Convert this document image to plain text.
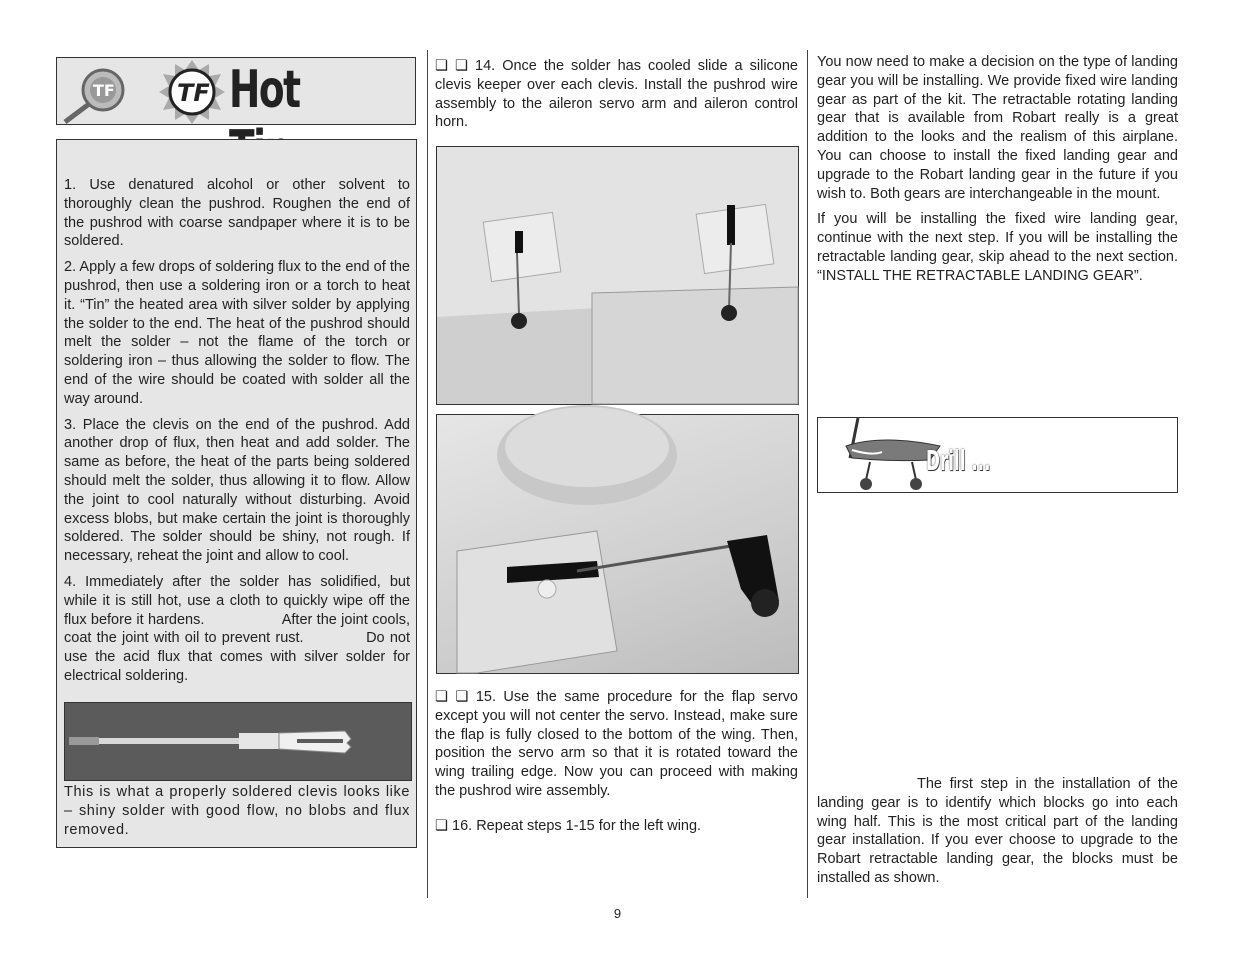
TF	TF Hot

1. Use denatured alcohol or other solvent to thoroughly clean the pushrod. Roughen the end of the pushrod with coarse sandpaper where it is to be soldered.

2. Apply a few drops of soldering flux to the end of the pushrod, then use a soldering iron or a torch to heat it. “Tin” the heated area with silver solder by applying the solder to the end. The heat of the pushrod should melt the solder – not the flame of the torch or soldering iron – thus allowing the solder to flow. The end of the wire should be coated with solder all the way around.

3. Place the clevis on the end of the pushrod. Add another drop of flux, then heat and add solder. The same as before, the heat of the parts being soldered should melt the solder, thus allowing it to flow. Allow the joint to cool naturally without disturbing. Avoid excess blobs, but make certain the joint is thoroughly soldered. The solder should be shiny, not rough. If necessary, reheat the joint and allow to cool.

4. Immediately after the solder has solidified, but while it is still hot, use a cloth to quickly wipe off the flux before it hardens.                  After the joint cools, coat the joint with oil to prevent rust.            Do not use the acid flux that comes with silver solder for electrical soldering.

This is what a properly soldered clevis looks like – shiny solder with good flow, no blobs and flux removed.
❏ ❏ 14. Once the solder has cooled slide a silicone clevis keeper over each clevis. Install the pushrod wire assembly to the aileron servo arm and aileron control horn.
❏ ❏ 15. Use the same procedure for the flap servo except you will not center the servo. Instead, make sure the flap is fully closed to the bottom of the wing. Then, position the servo arm so that it is rotated toward the wing trailing edge. Now you can proceed with making the pushrod wire assembly.
❏ 16. Repeat steps 1-15 for the left wing.

You now need to make a decision on the type of landing gear you will be installing. We provide fixed wire landing gear as part of the kit. The retractable rotating landing gear that is available from Robart really is a great addition to the looks and the realism of this airplane. You can choose to install the fixed landing gear and upgrade to the Robart landing gear in the future if you wish to. Both gears are interchangeable in the mount.

If you will be installing the fixed wire landing gear, continue with the next step. If you will be installing the retractable landing gear, skip ahead to the next section. “INSTALL THE RETRACTABLE LANDING GEAR”.

Drill ...
The first step in the installation of the landing gear is to identify which blocks go into each wing half. This is the most critical part of the landing gear installation. If you ever choose to upgrade to the Robart retractable landing gear, the blocks must be installed as shown.
9
